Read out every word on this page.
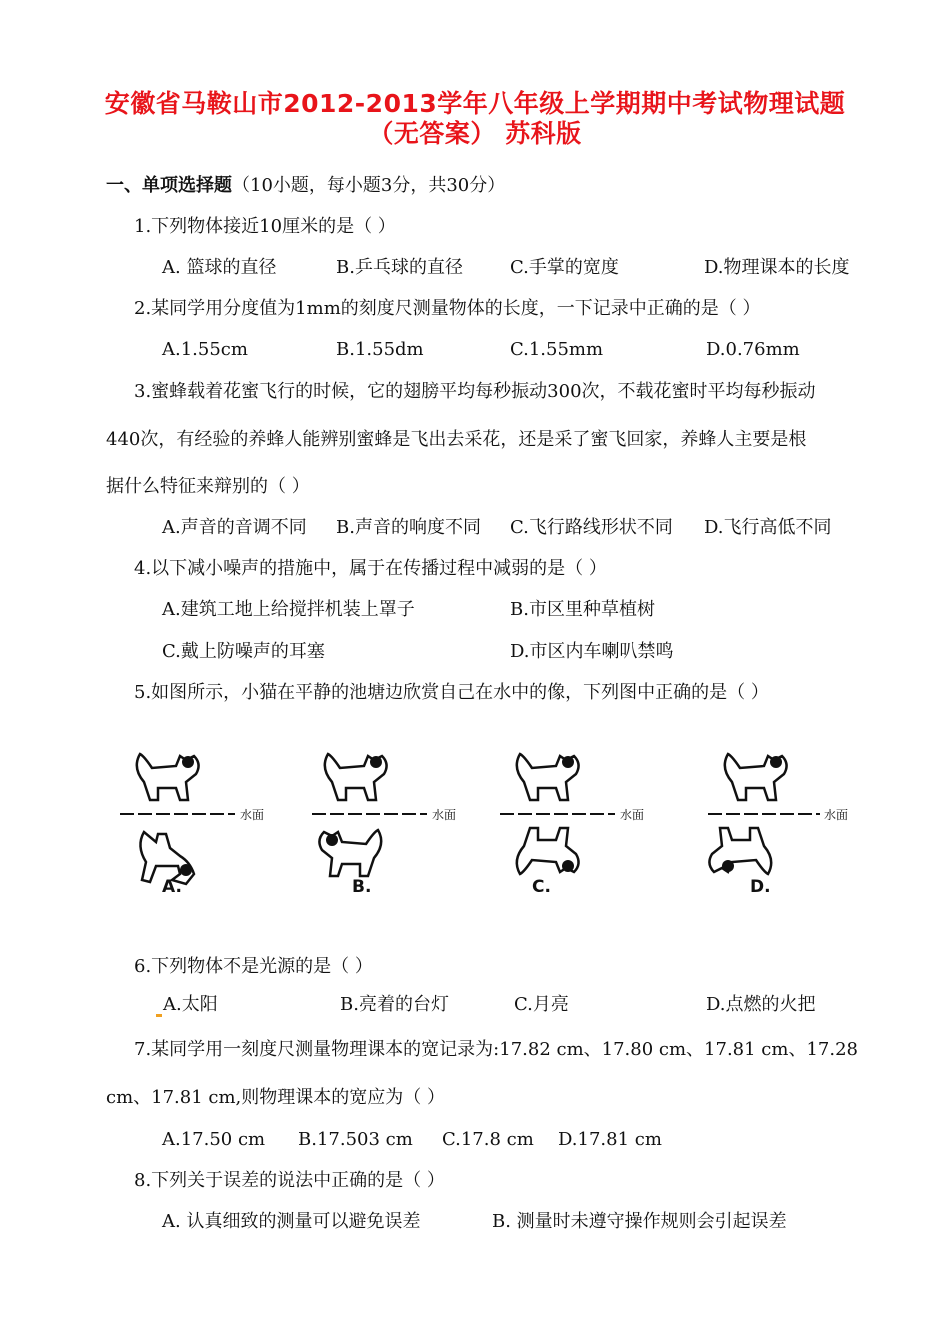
安徽省马鞍山市2012-2013学年八年级上学期期中考试物理试题
（无答案） 苏科版
一、单项选择题（10小题，每小题3分，共30分）
1.下列物体接近10厘米的是（ ）
A. 篮球的直径	B.乒乓球的直径	C.手掌的宽度	D.物理课本的长度
2.某同学用分度值为1mm的刻度尺测量物体的长度，一下记录中正确的是（ ）
A.1.55cm	B.1.55dm	C.1.55mm	D.0.76mm
3.蜜蜂载着花蜜飞行的时候，它的翅膀平均每秒振动300次，不载花蜜时平均每秒振动
440次，有经验的养蜂人能辨别蜜蜂是飞出去采花，还是采了蜜飞回家，养蜂人主要是根
据什么特征来辩别的（ ）
A.声音的音调不同 B.声音的响度不同 C.飞行路线形状不同 D.飞行高低不同
4.以下减小噪声的措施中，属于在传播过程中减弱的是（ ）
A.建筑工地上给搅拌机装上罩子	B.市区里种草植树
C.戴上防噪声的耳塞	D.市区内车喇叭禁鸣
5.如图所示，小猫在平静的池塘边欣赏自己在水中的像，下列图中正确的是（ ）
水面
A.
水面
B.
水面
C.
水面
D.
6.下列物体不是光源的是（ ）
A.太阳	B.亮着的台灯	C.月亮	D.点燃的火把
7.某同学用一刻度尺测量物理课本的宽记录为:17.82 cm、17.80 cm、17.81 cm、17.28
cm、17.81 cm,则物理课本的宽应为（ ）
A.17.50 cm B.17.503 cm C.17.8 cm D.17.81 cm
8.下列关于误差的说法中正确的是（ ）
A. 认真细致的测量可以避免误差	B. 测量时未遵守操作规则会引起误差
